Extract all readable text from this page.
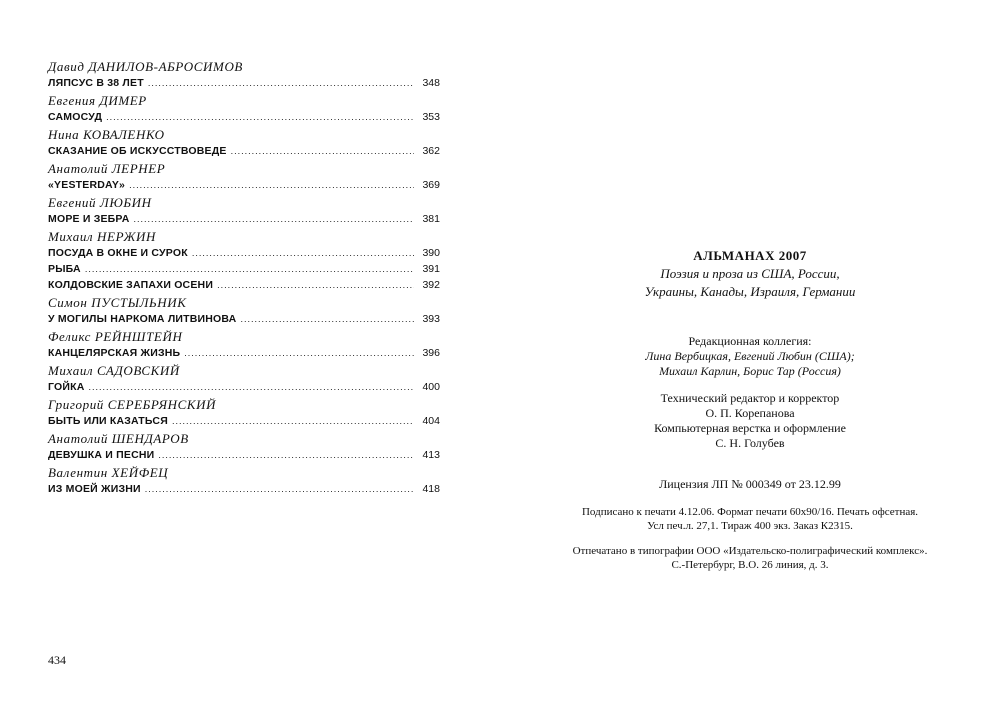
Давид ДАНИЛОВ-АБРОСИМОВ
ЛЯПСУС В 38 ЛЕТ .....	348
Евгения ДИМЕР
САМОСУД .....	353
Нина КОВАЛЕНКО
СКАЗАНИЕ ОБ ИСКУССТВОВЕДЕ .....	362
Анатолий ЛЕРНЕР
«YESTERDAY» .....	369
Евгений ЛЮБИН
МОРЕ И ЗЕБРА .....	381
Михаил НЕРЖИН
ПОСУДА В ОКНЕ И СУРОК .....	390
РЫБА .....	391
КОЛДОВСКИЕ ЗАПАХИ ОСЕНИ .....	392
Симон ПУСТЫЛЬНИК
У МОГИЛЫ НАРКОМА ЛИТВИНОВА .....	393
Феликс РЕЙНШТЕЙН
КАНЦЕЛЯРСКАЯ ЖИЗНЬ .....	396
Михаил САДОВСКИЙ
ГОЙКА .....	400
Григорий СЕРЕБРЯНСКИЙ
БЫТЬ ИЛИ КАЗАТЬСЯ .....	404
Анатолий ШЕНДАРОВ
ДЕВУШКА И ПЕСНИ .....	413
Валентин ХЕЙФЕЦ
ИЗ МОЕЙ ЖИЗНИ .....	418
434
АЛЬМАНАХ 2007
Поэзия и проза из США, России,
Украины, Канады, Израиля, Германии
Редакционная коллегия:
Лина Вербицкая, Евгений Любин (США);
Михаил Карлин, Борис Тар (Россия)
Технический редактор и корректор
О. П. Корепанова
Компьютерная верстка и оформление
С. Н. Голубев
Лицензия ЛП № 000349 от 23.12.99
Подписано к печати 4.12.06. Формат печати 60х90/16. Печать офсетная.
Усл печ.л. 27,1. Тираж 400 экз. Заказ К2315.
Отпечатано в типографии ООО «Издательско-полиграфический комплекс».
С.-Петербург, В.О. 26 линия, д. 3.
